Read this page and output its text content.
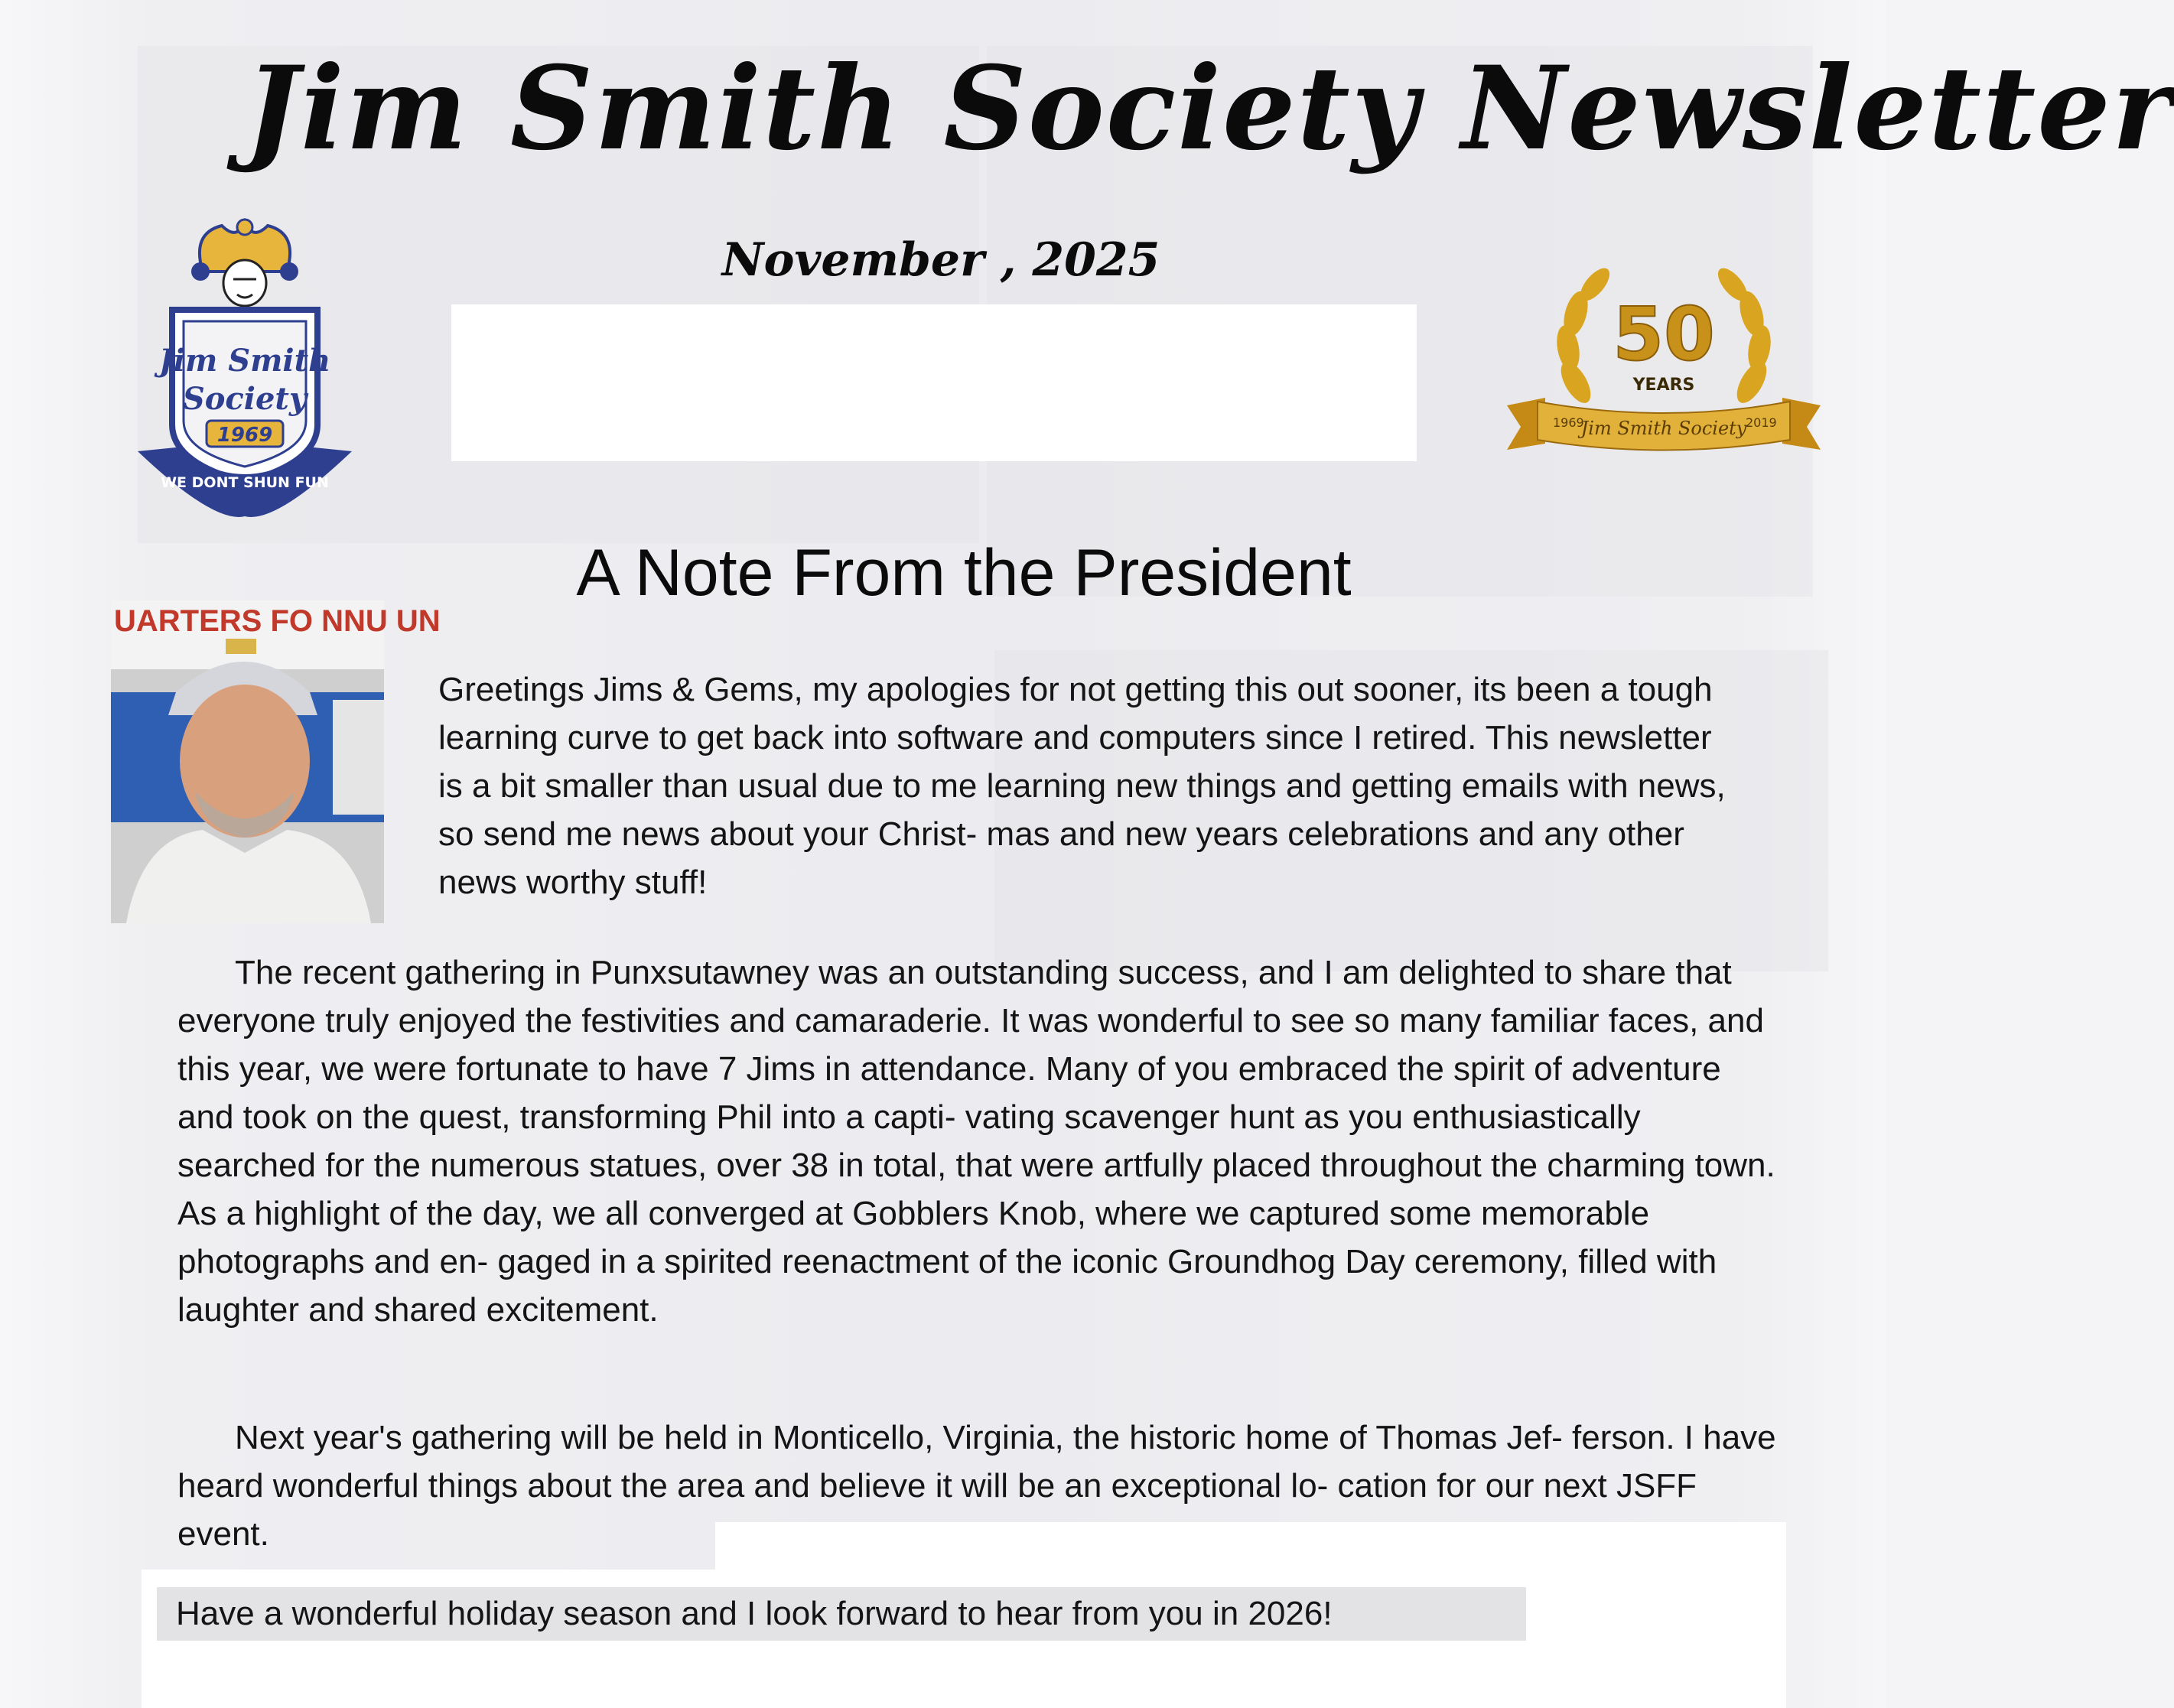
Jim Smith Society Newsletter
November , 2025
Jim Smith
Society
1969
WE DONT SHUN FUN
50
YEARS
1969
Jim Smith Society
2019
A Note From the President
UARTERS FO NNU UN
Greetings Jims & Gems, my apologies for not getting this out sooner, its been a tough learning curve to get back into software and computers since I retired. This newsletter is a bit smaller than usual due to me learning new things and getting emails with news, so send me news about your Christ- mas and new years celebrations and any other news worthy stuff!
The recent gathering in Punxsutawney was an outstanding success, and I am delighted to share that everyone truly enjoyed the festivities and camaraderie. It was wonderful to see so many familiar faces, and this year, we were fortunate to have 7 Jims in attendance. Many of you embraced the spirit of adventure and took on the quest, transforming Phil into a capti- vating scavenger hunt as you enthusiastically searched for the numerous statues, over 38 in total, that were artfully placed throughout the charming town. As a highlight of the day, we all converged at Gobblers Knob, where we captured some memorable photographs and en- gaged in a spirited reenactment of the iconic Groundhog Day ceremony, filled with laughter and shared excitement.
Next year's gathering will be held in Monticello, Virginia, the historic home of Thomas Jef- ferson. I have heard wonderful things about the area and believe it will be an exceptional lo- cation for our next JSFF event.
Have a wonderful holiday season and I look forward to hear from you in 2026!
